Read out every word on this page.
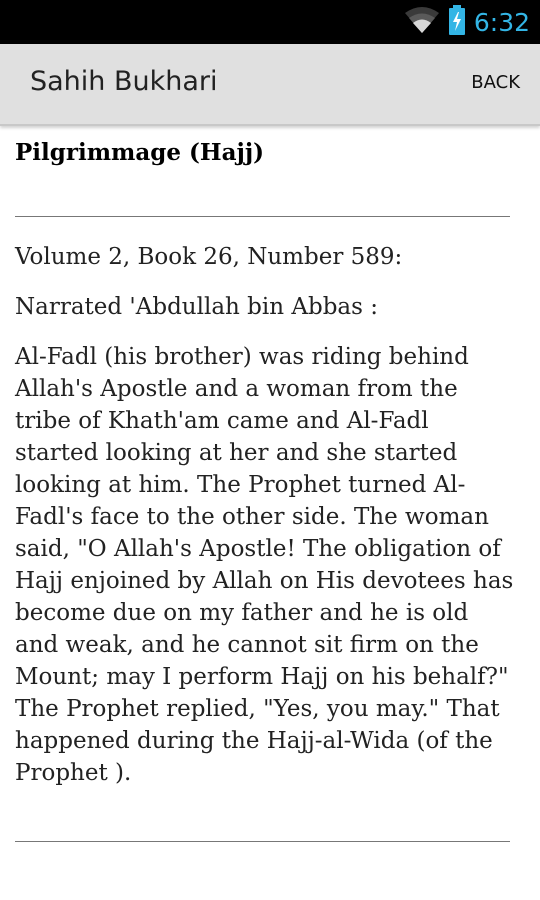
6:32
Sahih Bukhari	BACK
Pilgrimmage (Hajj)
Volume 2, Book 26, Number 589:
Narrated 'Abdullah bin Abbas :
Al-Fadl (his brother) was riding behind Allah's Apostle and a woman from the tribe of Khath'am came and Al-Fadl started looking at her and she started looking at him. The Prophet turned Al-Fadl's face to the other side. The woman said, "O Allah's Apostle! The obligation of Hajj enjoined by Allah on His devotees has become due on my father and he is old and weak, and he cannot sit firm on the Mount; may I perform Hajj on his behalf?" The Prophet replied, "Yes, you may." That happened during the Hajj-al-Wida (of the Prophet ).
